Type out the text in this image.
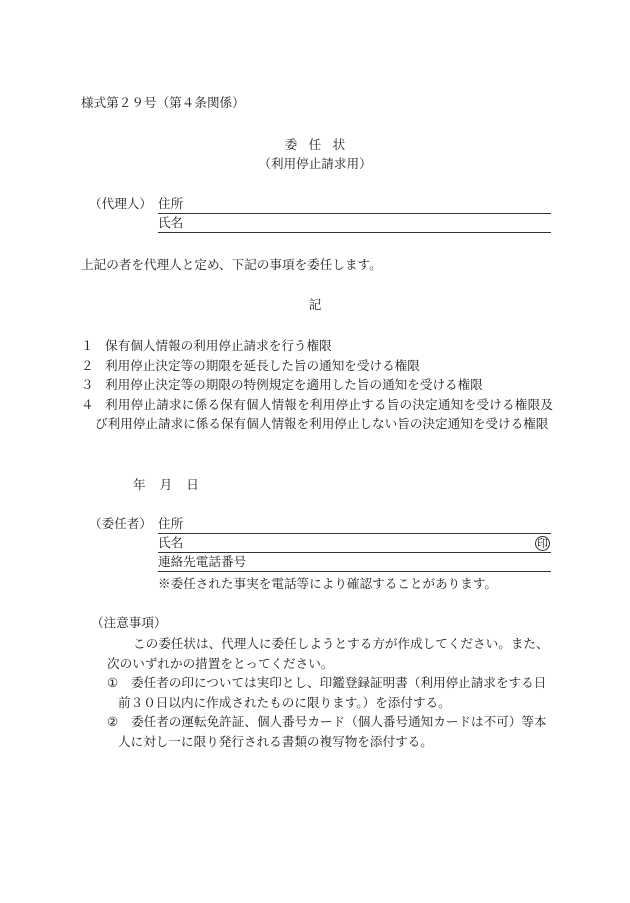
様式第２９号（第４条関係）
委任状
（利用停止請求用）
（代理人） 住所
氏名
上記の者を代理人と定め、下記の事項を委任します。
記
１ 保有個人情報の利用停止請求を行う権限
２ 利用停止決定等の期限を延長した旨の通知を受ける権限
３ 利用停止決定等の期限の特例規定を適用した旨の通知を受ける権限
４ 利用停止請求に係る保有個人情報を利用停止する旨の決定通知を受ける権限及び利用停止請求に係る保有個人情報を利用停止しない旨の決定通知を受ける権限
年 月 日
（委任者） 住所
氏名	印
連絡先電話番号
※委任された事実を電話等により確認することがあります。
（注意事項）
この委任状は、代理人に委任しようとする方が作成してください。また、次のいずれかの措置をとってください。
①	委任者の印については実印とし、印鑑登録証明書（利用停止請求をする日前３０日以内に作成されたものに限ります。）を添付する。
②	委任者の運転免許証、個人番号カード（個人番号通知カードは不可）等本人に対し一に限り発行される書類の複写物を添付する。
